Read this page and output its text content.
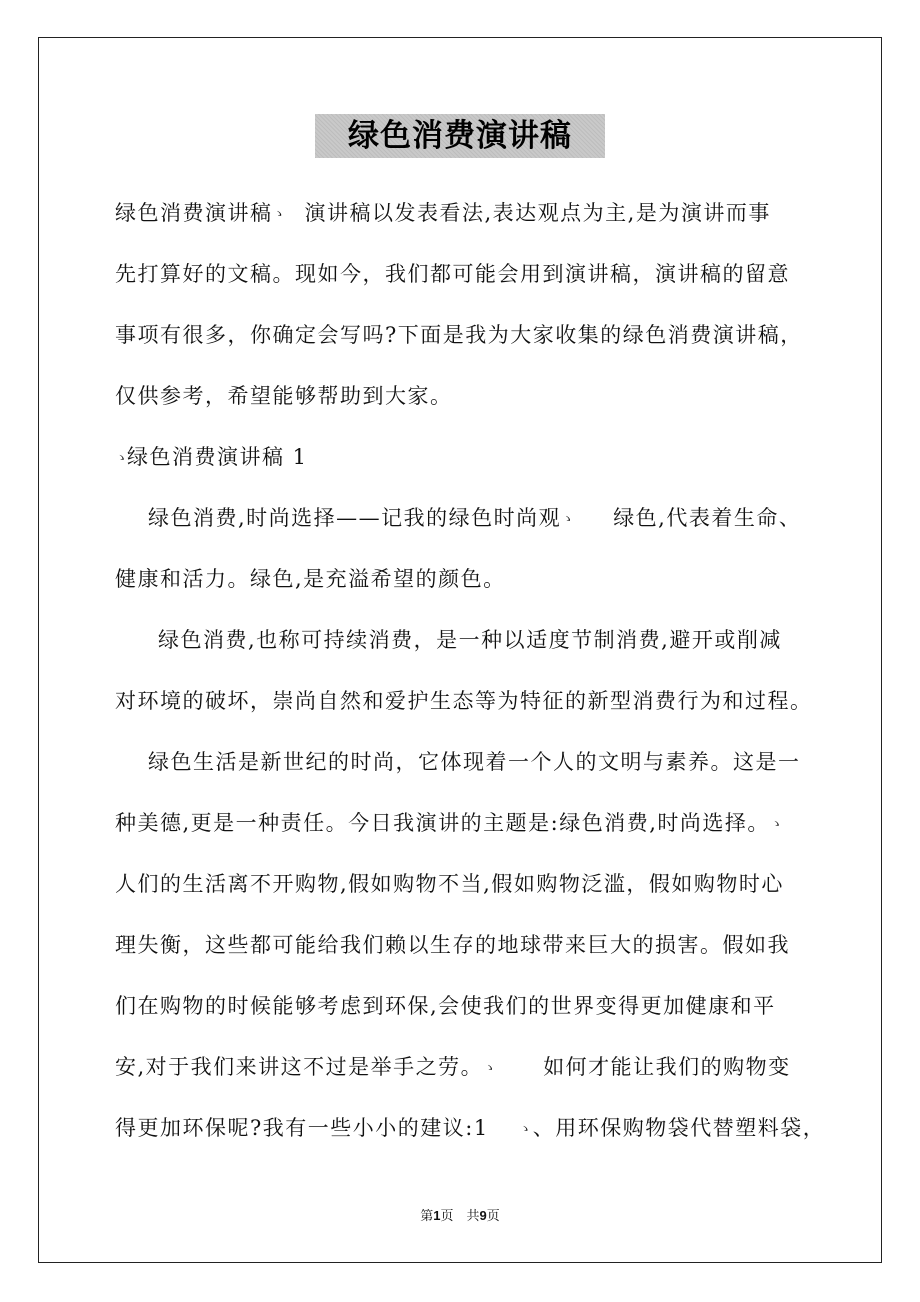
绿色消费演讲稿
绿色消费演讲稿ゝ 演讲稿以发表看法,表达观点为主,是为演讲而事
先打算好的文稿。现如今，我们都可能会用到演讲稿，演讲稿的留意
事项有很多，你确定会写吗?下面是我为大家收集的绿色消费演讲稿，
仅供参考，希望能够帮助到大家。
ゝ绿色消费演讲稿 1
绿色消费,时尚选择——记我的绿色时尚观ゝ 绿色,代表着生命、
健康和活力。绿色,是充溢希望的颜色。
绿色消费,也称可持续消费，是一种以适度节制消费,避开或削减
对环境的破坏，崇尚自然和爱护生态等为特征的新型消费行为和过程。
绿色生活是新世纪的时尚，它体现着一个人的文明与素养。这是一
种美德,更是一种责任。今日我演讲的主题是:绿色消费,时尚选择。ゝ
人们的生活离不开购物,假如购物不当,假如购物泛滥，假如购物时心
理失衡，这些都可能给我们赖以生存的地球带来巨大的损害。假如我
们在购物的时候能够考虑到环保,会使我们的世界变得更加健康和平
安,对于我们来讲这不过是举手之劳。ゝ 如何才能让我们的购物变
得更加环保呢?我有一些小小的建议:1 ゝ、用环保购物袋代替塑料袋，
第1页　共9页
